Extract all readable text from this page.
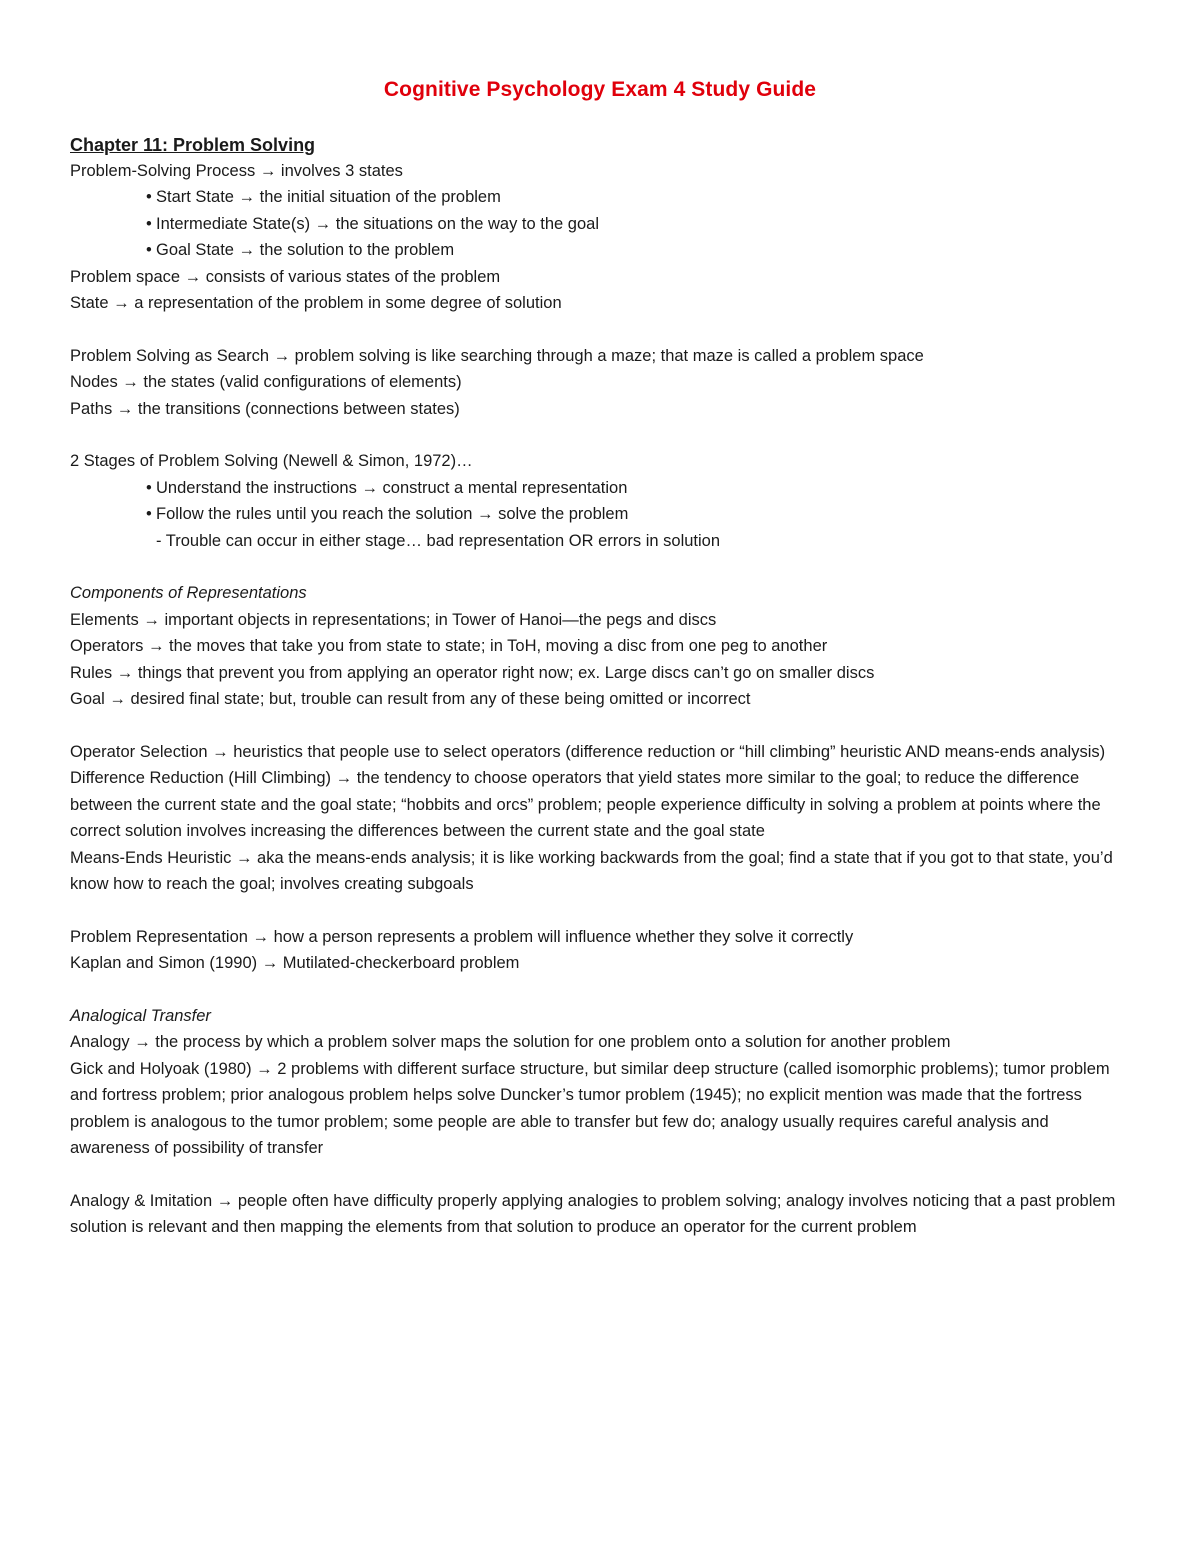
Cognitive Psychology Exam 4 Study Guide
Chapter 11: Problem Solving
Problem-Solving Process → involves 3 states
• Start State → the initial situation of the problem
• Intermediate State(s) → the situations on the way to the goal
• Goal State → the solution to the problem
Problem space → consists of various states of the problem
State → a representation of the problem in some degree of solution
Problem Solving as Search → problem solving is like searching through a maze; that maze is called a problem space
Nodes → the states (valid configurations of elements)
Paths → the transitions (connections between states)
2 Stages of Problem Solving (Newell & Simon, 1972)…
• Understand the instructions → construct a mental representation
• Follow the rules until you reach the solution → solve the problem
- Trouble can occur in either stage… bad representation OR errors in solution
Components of Representations
Elements → important objects in representations; in Tower of Hanoi—the pegs and discs
Operators → the moves that take you from state to state; in ToH, moving a disc from one peg to another
Rules → things that prevent you from applying an operator right now; ex. Large discs can’t go on smaller discs
Goal → desired final state; but, trouble can result from any of these being omitted or incorrect
Operator Selection → heuristics that people use to select operators (difference reduction or “hill climbing” heuristic AND means-ends analysis)
Difference Reduction (Hill Climbing) → the tendency to choose operators that yield states more similar to the goal; to reduce the difference between the current state and the goal state; “hobbits and orcs” problem; people experience difficulty in solving a problem at points where the correct solution involves increasing the differences between the current state and the goal state
Means-Ends Heuristic → aka the means-ends analysis; it is like working backwards from the goal; find a state that if you got to that state, you’d know how to reach the goal; involves creating subgoals
Problem Representation → how a person represents a problem will influence whether they solve it correctly
Kaplan and Simon (1990) → Mutilated-checkerboard problem
Analogical Transfer
Analogy → the process by which a problem solver maps the solution for one problem onto a solution for another problem
Gick and Holyoak (1980) → 2 problems with different surface structure, but similar deep structure (called isomorphic problems); tumor problem and fortress problem; prior analogous problem helps solve Duncker’s tumor problem (1945); no explicit mention was made that the fortress problem is analogous to the tumor problem; some people are able to transfer but few do; analogy usually requires careful analysis and awareness of possibility of transfer
Analogy & Imitation → people often have difficulty properly applying analogies to problem solving; analogy involves noticing that a past problem solution is relevant and then mapping the elements from that solution to produce an operator for the current problem
